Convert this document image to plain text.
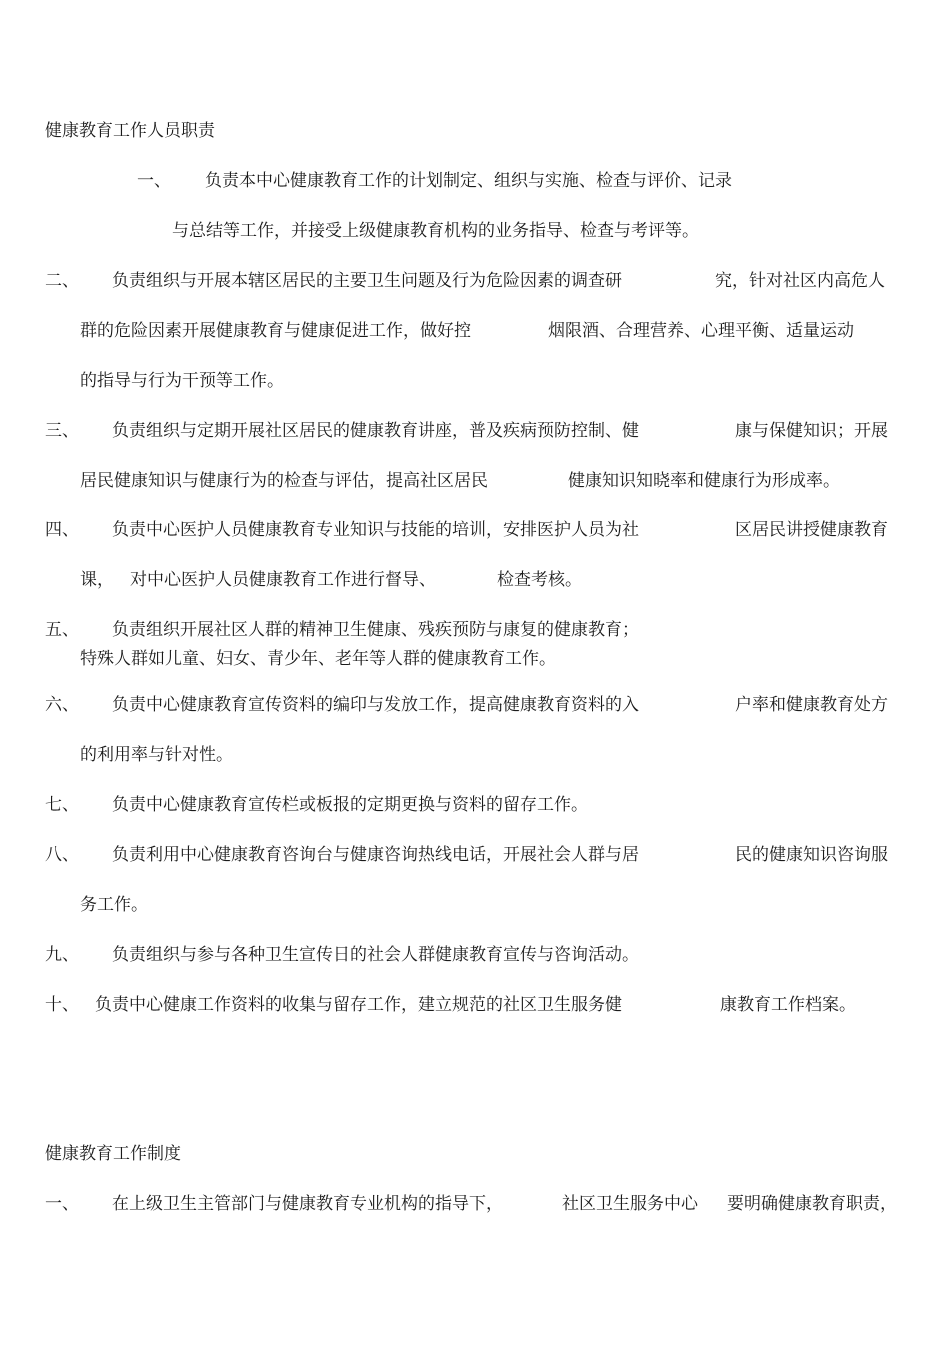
健康教育工作人员职责
一、 负责本中心健康教育工作的计划制定、组织与实施、检查与评价、记录
与总结等工作，并接受上级健康教育机构的业务指导、检查与考评等。
二、 负责组织与开展本辖区居民的主要卫生问题及行为危险因素的调查研	究，针对社区内高危人
群的危险因素开展健康教育与健康促进工作，做好控	烟限酒、合理营养、心理平衡、适量运动
的指导与行为干预等工作。
三、 负责组织与定期开展社区居民的健康教育讲座，普及疾病预防控制、健	康与保健知识；开展
居民健康知识与健康行为的检查与评估，提高社区居民	健康知识知晓率和健康行为形成率。
四、 负责中心医护人员健康教育专业知识与技能的培训，安排医护人员为社	区居民讲授健康教育
课， 对中心医护人员健康教育工作进行督导、	检查考核。
五、 负责组织开展社区人群的精神卫生健康、残疾预防与康复的健康教育；
特殊人群如儿童、妇女、青少年、老年等人群的健康教育工作。
六、 负责中心健康教育宣传资料的编印与发放工作，提高健康教育资料的入	户率和健康教育处方
的利用率与针对性。
七、 负责中心健康教育宣传栏或板报的定期更换与资料的留存工作。
八、 负责利用中心健康教育咨询台与健康咨询热线电话，开展社会人群与居	民的健康知识咨询服
务工作。
九、 负责组织与参与各种卫生宣传日的社会人群健康教育宣传与咨询活动。
十、 负责中心健康工作资料的收集与留存工作，建立规范的社区卫生服务健	康教育工作档案。
健康教育工作制度
一、 在上级卫生主管部门与健康教育专业机构的指导下，	社区卫生服务中心 要明确健康教育职责，
